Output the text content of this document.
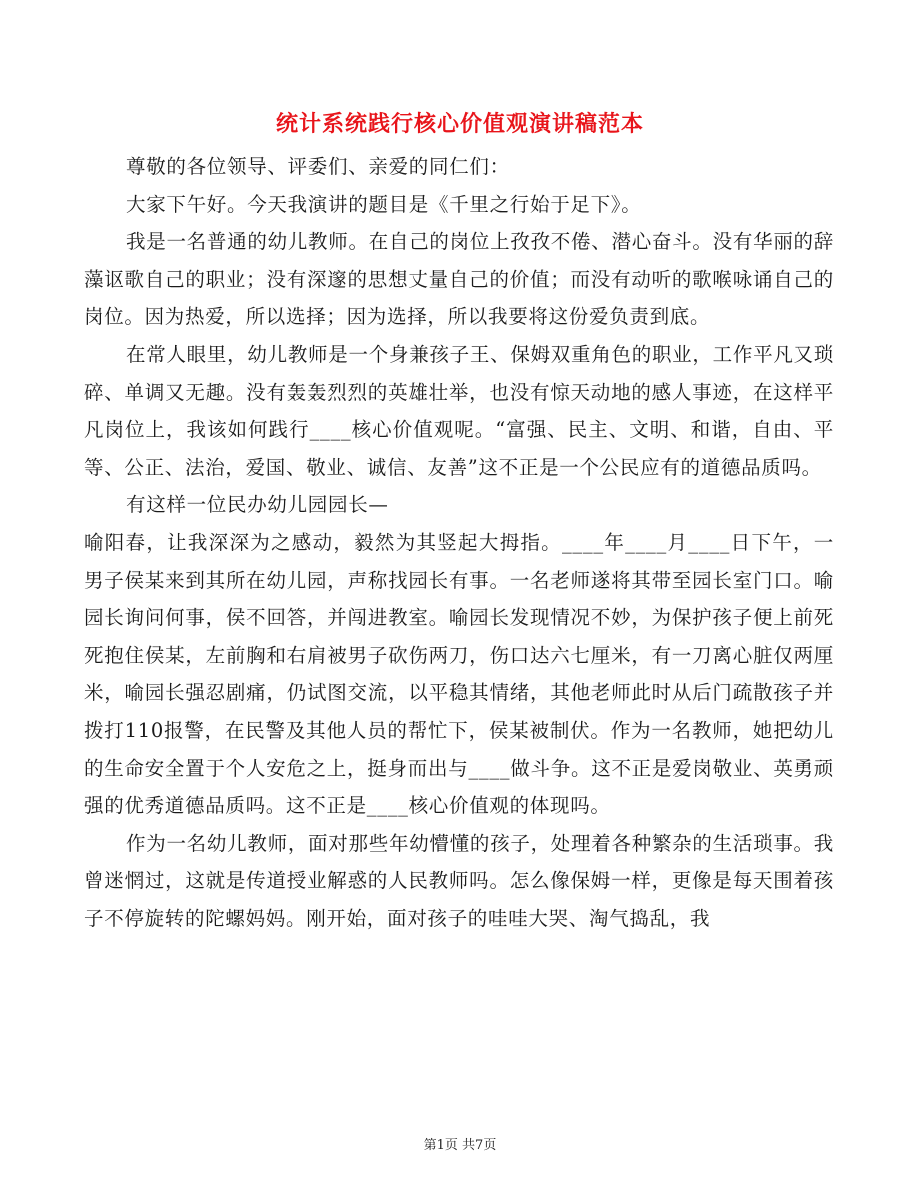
统计系统践行核心价值观演讲稿范本

尊敬的各位领导、评委们、亲爱的同仁们：

大家下午好。今天我演讲的题目是《千里之行始于足下》。

我是一名普通的幼儿教师。在自己的岗位上孜孜不倦、潜心奋斗。没有华丽的辞藻讴歌自己的职业；没有深邃的思想丈量自己的价值；而没有动听的歌喉咏诵自己的岗位。因为热爱，所以选择；因为选择，所以我要将这份爱负责到底。

在常人眼里，幼儿教师是一个身兼孩子王、保姆双重角色的职业，工作平凡又琐碎、单调又无趣。没有轰轰烈烈的英雄壮举，也没有惊天动地的感人事迹，在这样平凡岗位上，我该如何践行____核心价值观呢。“富强、民主、文明、和谐，自由、平等、公正、法治，爱国、敬业、诚信、友善”这不正是一个公民应有的道德品质吗。

有这样一位民办幼儿园园长—

喻阳春，让我深深为之感动，毅然为其竖起大拇指。____年____月____日下午，一男子侯某来到其所在幼儿园，声称找园长有事。一名老师遂将其带至园长室门口。喻园长询问何事，侯不回答，并闯进教室。喻园长发现情况不妙，为保护孩子便上前死死抱住侯某，左前胸和右肩被男子砍伤两刀，伤口达六七厘米，有一刀离心脏仅两厘米，喻园长强忍剧痛，仍试图交流，以平稳其情绪，其他老师此时从后门疏散孩子并拨打110报警，在民警及其他人员的帮忙下，侯某被制伏。作为一名教师，她把幼儿的生命安全置于个人安危之上，挺身而出与____做斗争。这不正是爱岗敬业、英勇顽强的优秀道德品质吗。这不正是____核心价值观的体现吗。

作为一名幼儿教师，面对那些年幼懵懂的孩子，处理着各种繁杂的生活琐事。我曾迷惘过，这就是传道授业解惑的人民教师吗。怎么像保姆一样，更像是每天围着孩子不停旋转的陀螺妈妈。刚开始，面对孩子的哇哇大哭、淘气捣乱，我

第1页 共7页
